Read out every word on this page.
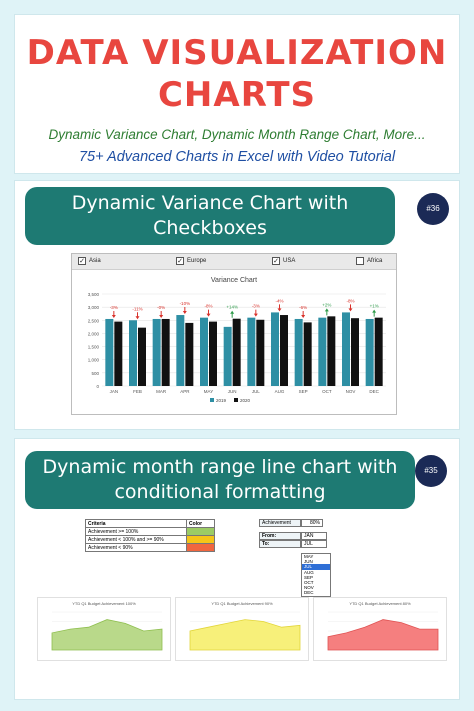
DATA VISUALIZATION
CHARTS
Dynamic Variance Chart, Dynamic Month Range Chart, More...
75+ Advanced Charts in Excel with Video Tutorial
Dynamic Variance Chart with Checkboxes
#36
✓ Asia	✓ Europe	✓ USA	Africa
Variance Chart
0
500
1,000
1,500
2,000
2,500
3,000
3,500
JAN
-3%
FEB
-11%
MAR
-0%
APR
-10%
MAY
-8%
JUN
+14%
JUL
-3%
AUG
-4%
SEP
-6%
OCT
+2%
NOV
-8%
DEC
+1%
2019	2020
Dynamic month range line chart with conditional formatting
#35
Criteria	Color
Achievement >= 100%	
Achievement < 100% and >= 90%	
Achievement < 90%	
Achievement	80%
From:	JAN
To:	JUL
MAY
JUN
JUL
AUG
SEP
OCT
NOV
DEC
YTD Q1 Budget Achievement 100%	YTD Q1 Budget Achievement 90%	YTD Q1 Budget Achievement 80%
